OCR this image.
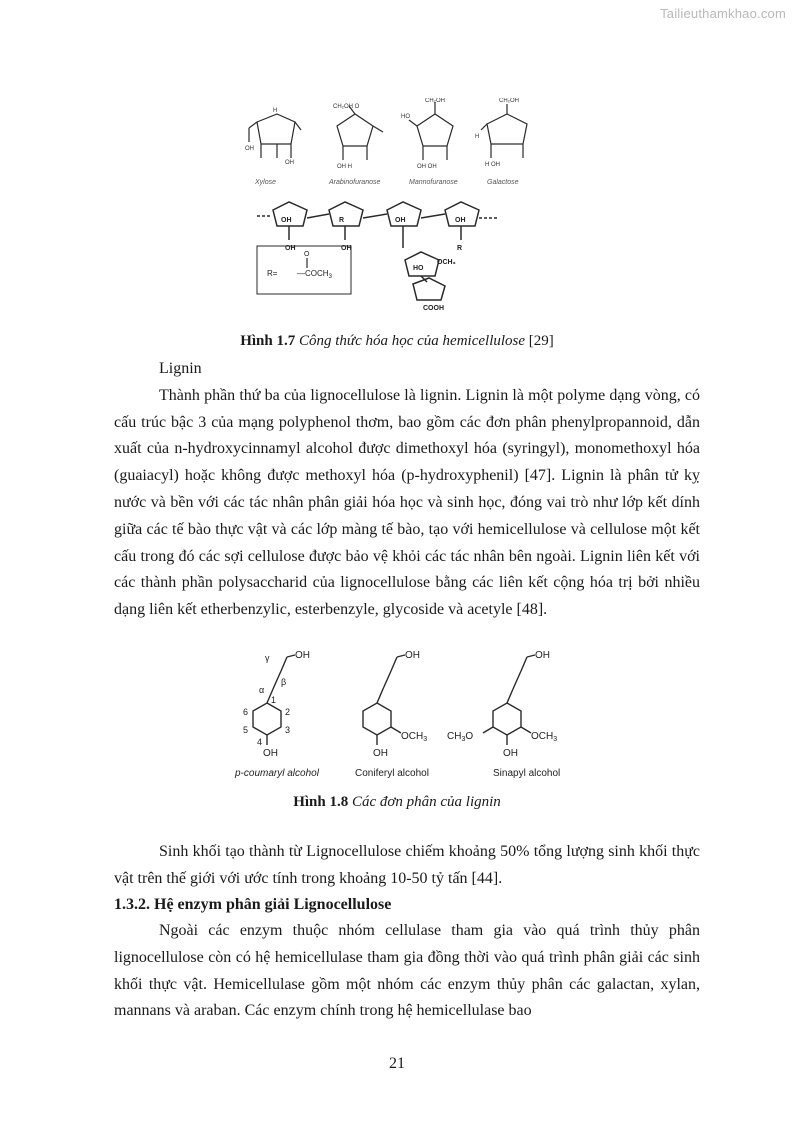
Tailieuthamkhao.com
H
OH
OH
CH₂OH O
OH H
CH₂OH
HO
OH OH
CH₂OH
H
H OH
Xylose	Arabinofuranose	Mannofuranose	Galactose
OH
OH
R
OH
OH	OH
R
OCH₃
HO
COOH
$R= —COCH_3$
O
Hình 1.7 Công thức hóa học của hemicellulose [29]

Lignin

Thành phần thứ ba của lignocellulose là lignin. Lignin là một polyme dạng vòng, có cấu trúc bậc 3 của mạng polyphenol thơm, bao gồm các đơn phân phenylpropannoid, dẫn xuất của n-hydroxycinnamyl alcohol được dimethoxyl hóa (syringyl), monomethoxyl hóa (guaiacyl) hoặc không được methoxyl hóa (p-hydroxyphenil) [47]. Lignin là phân tử kỵ nước và bền với các tác nhân phân giải hóa học và sinh học, đóng vai trò như lớp kết dính giữa các tế bào thực vật và các lớp màng tế bào, tạo với hemicellulose và cellulose một kết cấu trong đó các sợi cellulose được bảo vệ khỏi các tác nhân bên ngoài. Lignin liên kết với các thành phần polysaccharid của lignocellulose bằng các liên kết cộng hóa trị bởi nhiều dạng liên kết etherbenzylic, esterbenzyle, glycoside và acetyle [48].

OH
OH
γ
β
α
1
2
3
4
5
6
OH
OH
$OCH_3$
OH
OH
$OCH_3$
$CH_3O$
p-coumaryl alcohol	Coniferyl alcohol	Sinapyl alcohol
Hình 1.8 Các đơn phân của lignin

Sinh khối tạo thành từ Lignocellulose chiếm khoảng 50% tổng lượng sinh khối thực vật trên thế giới với ước tính trong khoảng 10-50 tỷ tấn [44].

1.3.2. Hệ enzym phân giải Lignocellulose

Ngoài các enzym thuộc nhóm cellulase tham gia vào quá trình thủy phân lignocellulose còn có hệ hemicellulase tham gia đồng thời vào quá trình phân giải các sinh khối thực vật. Hemicellulase gồm một nhóm các enzym thủy phân các galactan, xylan, mannans và araban. Các enzym chính trong hệ hemicellulase bao

21
